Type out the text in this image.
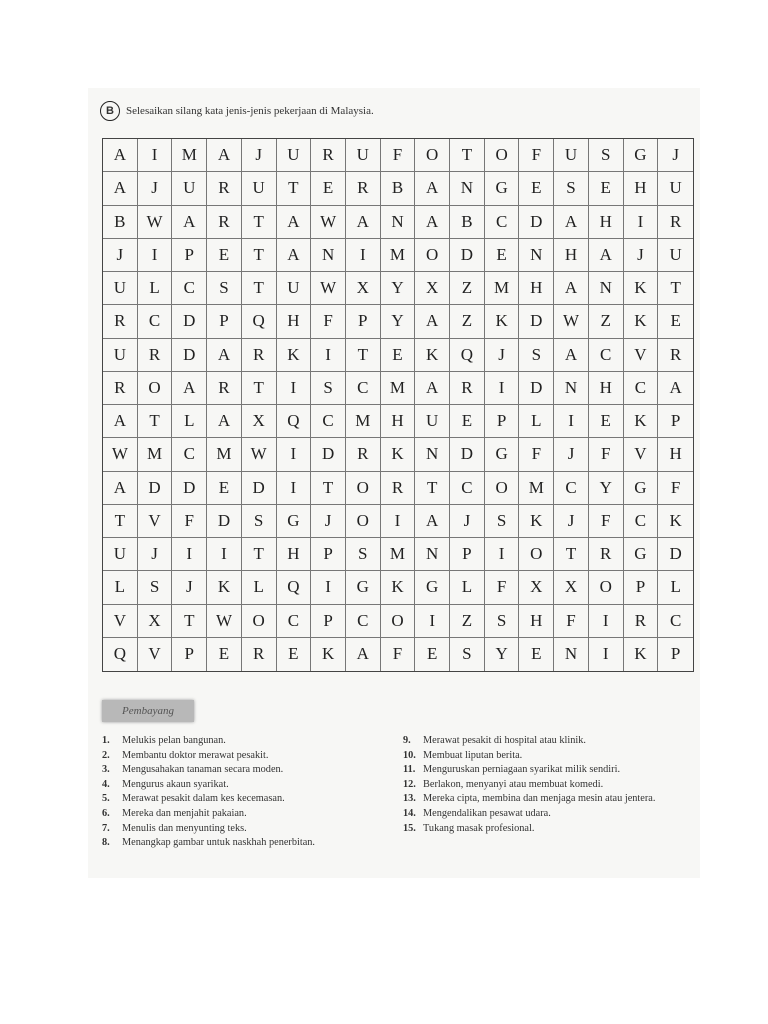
B	Selesaikan silang kata jenis-jenis pekerjaan di Malaysia.
A	I	M	A	J	U	R	U	F	O	T	O	F	U	S	G	J
A	J	U	R	U	T	E	R	B	A	N	G	E	S	E	H	U
B	W	A	R	T	A	W	A	N	A	B	C	D	A	H	I	R
J	I	P	E	T	A	N	I	M	O	D	E	N	H	A	J	U
U	L	C	S	T	U	W	X	Y	X	Z	M	H	A	N	K	T
R	C	D	P	Q	H	F	P	Y	A	Z	K	D	W	Z	K	E
U	R	D	A	R	K	I	T	E	K	Q	J	S	A	C	V	R
R	O	A	R	T	I	S	C	M	A	R	I	D	N	H	C	A
A	T	L	A	X	Q	C	M	H	U	E	P	L	I	E	K	P
W	M	C	M	W	I	D	R	K	N	D	G	F	J	F	V	H
A	D	D	E	D	I	T	O	R	T	C	O	M	C	Y	G	F
T	V	F	D	S	G	J	O	I	A	J	S	K	J	F	C	K
U	J	I	I	T	H	P	S	M	N	P	I	O	T	R	G	D
L	S	J	K	L	Q	I	G	K	G	L	F	X	X	O	P	L
V	X	T	W	O	C	P	C	O	I	Z	S	H	F	I	R	C
Q	V	P	E	R	E	K	A	F	E	S	Y	E	N	I	K	P
Pembayang
1.	Melukis pelan bangunan.
2.	Membantu doktor merawat pesakit.
3.	Mengusahakan tanaman secara moden.
4.	Mengurus akaun syarikat.
5.	Merawat pesakit dalam kes kecemasan.
6.	Mereka dan menjahit pakaian.
7.	Menulis dan menyunting teks.
8.	Menangkap gambar untuk naskhah penerbitan.
9.	Merawat pesakit di hospital atau klinik.
10. Membuat liputan berita.
11. Menguruskan perniagaan syarikat milik sendiri.
12. Berlakon, menyanyi atau membuat komedi.
13. Mereka cipta, membina dan menjaga mesin atau jentera.
14. Mengendalikan pesawat udara.
15. Tukang masak profesional.
